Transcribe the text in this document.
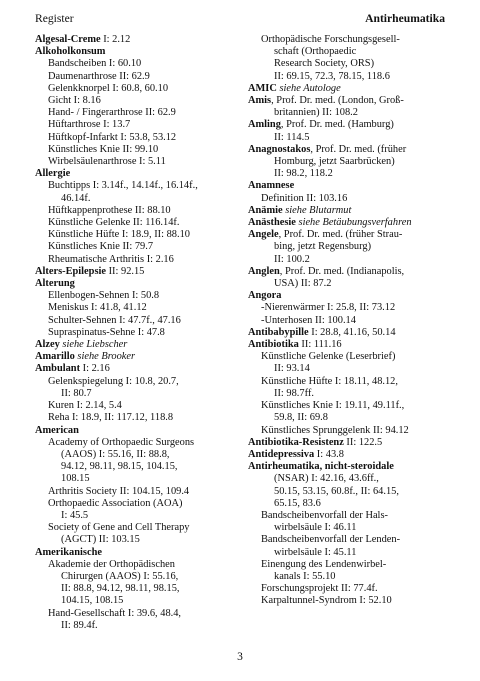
Register	Antirheumatika
Algesal-Creme I: 2.12
Alkoholkonsum
Bandscheiben I: 60.10
Daumenarthrose II: 62.9
Gelenkknorpel I: 60.8, 60.10
Gicht I: 8.16
Hand- / Fingerarthrose II: 62.9
Hüftarthrose I: 13.7
Hüftkopf-Infarkt I: 53.8, 53.12
Künstliches Knie II: 99.10
Wirbelsäulenarthrose I: 5.11
Allergie
Buchtipps I: 3.14f., 14.14f., 16.14f.,
46.14f.
Hüftkappenprothese II: 88.10
Künstliche Gelenke II: 116.14f.
Künstliche Hüfte I: 18.9, II: 88.10
Künstliches Knie II: 79.7
Rheumatische Arthritis I: 2.16
Alters-Epilepsie II: 92.15
Alterung
Ellenbogen-Sehnen I: 50.8
Meniskus I: 41.8, 41.12
Schulter-Sehnen I: 47.7f., 47.16
Supraspinatus-Sehne I: 47.8
Alzey siehe Liebscher
Amarillo siehe Brooker
Ambulant I: 2.16
Gelenkspiegelung I: 10.8, 20.7,
II: 80.7
Kuren I: 2.14, 5.4
Reha I: 18.9, II: 117.12, 118.8
American
Academy of Orthopaedic Surgeons
(AAOS) I: 55.16, II: 88.8,
94.12, 98.11, 98.15, 104.15,
108.15
Arthritis Society II: 104.15, 109.4
Orthopaedic Association (AOA)
I: 45.5
Society of Gene and Cell Therapy
(AGCT) II: 103.15
Amerikanische
Akademie der Orthopädischen
Chirurgen (AAOS) I: 55.16,
II: 88.8, 94.12, 98.11, 98.15,
104.15, 108.15
Hand-Gesellschaft I: 39.6, 48.4,
II: 89.4f.
Orthopädische Forschungsgesell-
schaft (Orthopaedic
Research Society, ORS)
II: 69.15, 72.3, 78.15, 118.6
AMIC siehe Autologe
Amis, Prof. Dr. med. (London, Groß-
britannien) II: 108.2
Amling, Prof. Dr. med. (Hamburg)
II: 114.5
Anagnostakos, Prof. Dr. med. (früher
Homburg, jetzt Saarbrücken)
II: 98.2, 118.2
Anamnese
Definition II: 103.16
Anämie siehe Blutarmut
Anästhesie siehe Betäubungsverfahren
Angele, Prof. Dr. med. (früher Strau-
bing, jetzt Regensburg)
II: 100.2
Anglen, Prof. Dr. med. (Indianapolis,
USA) II: 87.2
Angora
-Nierenwärmer I: 25.8, II: 73.12
-Unterhosen II: 100.14
Antibabypille I: 28.8, 41.16, 50.14
Antibiotika II: 111.16
Künstliche Gelenke (Leserbrief)
II: 93.14
Künstliche Hüfte I: 18.11, 48.12,
II: 98.7ff.
Künstliches Knie I: 19.11, 49.11f.,
59.8, II: 69.8
Künstliches Sprunggelenk II: 94.12
Antibiotika-Resistenz II: 122.5
Antidepressiva I: 43.8
Antirheumatika, nicht-steroidale
(NSAR) I: 42.16, 43.6ff.,
50.15, 53.15, 60.8f., II: 64.15,
65.15, 83.6
Bandscheibenvorfall der Hals-
wirbelsäule I: 46.11
Bandscheibenvorfall der Lenden-
wirbelsäule I: 45.11
Einengung des Lendenwirbel-
kanals I: 55.10
Forschungsprojekt II: 77.4f.
Karpaltunnel-Syndrom I: 52.10
3
